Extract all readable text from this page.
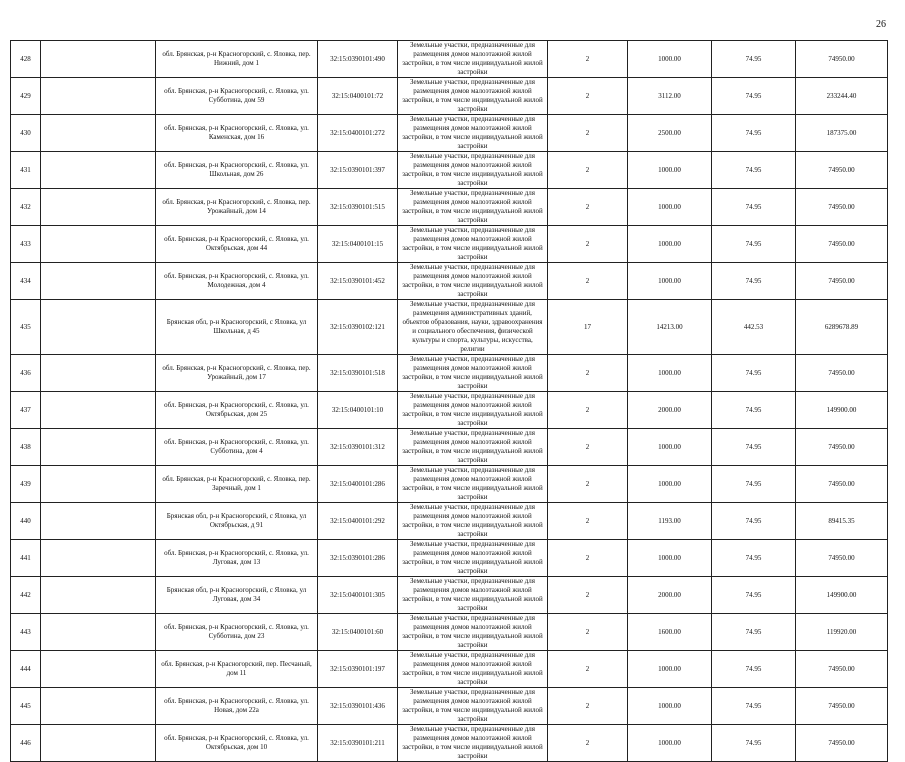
26
428		обл. Брянская, р-н Красногорский, с. Яловка, пер. Нижний, дом 1	32:15:0390101:490	Земельные участки, предназначенные для размещения домов малоэтажной жилой застройки, в том числе индивидуальной жилой застройки	2	1000.00	74.95	74950.00
429		обл. Брянская, р-н Красногорский, с. Яловка, ул. Субботина, дом 59	32:15:0400101:72	Земельные участки, предназначенные для размещения домов малоэтажной жилой застройки, в том числе индивидуальной жилой застройки	2	3112.00	74.95	233244.40
430		обл. Брянская, р-н Красногорский, с. Яловка, ул. Каменская, дом 16	32:15:0400101:272	Земельные участки, предназначенные для размещения домов малоэтажной жилой застройки, в том числе индивидуальной жилой застройки	2	2500.00	74.95	187375.00
431		обл. Брянская, р-н Красногорский, с. Яловка, ул. Школьная, дом 26	32:15:0390101:397	Земельные участки, предназначенные для размещения домов малоэтажной жилой застройки, в том числе индивидуальной жилой застройки	2	1000.00	74.95	74950.00
432		обл. Брянская, р-н Красногорский, с. Яловка, пер. Урожайный, дом 14	32:15:0390101:515	Земельные участки, предназначенные для размещения домов малоэтажной жилой застройки, в том числе индивидуальной жилой застройки	2	1000.00	74.95	74950.00
433		обл. Брянская, р-н Красногорский, с. Яловка, ул. Октябрьская, дом 44	32:15:0400101:15	Земельные участки, предназначенные для размещения домов малоэтажной жилой застройки, в том числе индивидуальной жилой застройки	2	1000.00	74.95	74950.00
434		обл. Брянская, р-н Красногорский, с. Яловка, ул. Молодежная, дом 4	32:15:0390101:452	Земельные участки, предназначенные для размещения домов малоэтажной жилой застройки, в том числе индивидуальной жилой застройки	2	1000.00	74.95	74950.00
435		Брянская обл, р-н Красногорский, с Яловка, ул Школьная, д 45	32:15:0390102:121	Земельные участки, предназначенные для размещения административных зданий, объектов образования, науки, здравоохранения и социального обеспечения, физической культуры и спорта, культуры, искусства, религии	17	14213.00	442.53	6289678.89
436		обл. Брянская, р-н Красногорский, с. Яловка, пер. Урожайный, дом 17	32:15:0390101:518	Земельные участки, предназначенные для размещения домов малоэтажной жилой застройки, в том числе индивидуальной жилой застройки	2	1000.00	74.95	74950.00
437		обл. Брянская, р-н Красногорский, с. Яловка, ул. Октябрьская, дом 25	32:15:0400101:10	Земельные участки, предназначенные для размещения домов малоэтажной жилой застройки, в том числе индивидуальной жилой застройки	2	2000.00	74.95	149900.00
438		обл. Брянская, р-н Красногорский, с. Яловка, ул. Субботина, дом 4	32:15:0390101:312	Земельные участки, предназначенные для размещения домов малоэтажной жилой застройки, в том числе индивидуальной жилой застройки	2	1000.00	74.95	74950.00
439		обл. Брянская, р-н Красногорский, с. Яловка, пер. Заречный, дом 1	32:15:0400101:286	Земельные участки, предназначенные для размещения домов малоэтажной жилой застройки, в том числе индивидуальной жилой застройки	2	1000.00	74.95	74950.00
440		Брянская обл, р-н Красногорский, с Яловка, ул Октябрьская, д 91	32:15:0400101:292	Земельные участки, предназначенные для размещения домов малоэтажной жилой застройки, в том числе индивидуальной жилой застройки	2	1193.00	74.95	89415.35
441		обл. Брянская, р-н Красногорский, с. Яловка, ул. Луговая, дом 13	32:15:0390101:286	Земельные участки, предназначенные для размещения домов малоэтажной жилой застройки, в том числе индивидуальной жилой застройки	2	1000.00	74.95	74950.00
442		Брянская обл, р-н Красногорский, с Яловка, ул Луговая, дом 34	32:15:0400101:305	Земельные участки, предназначенные для размещения домов малоэтажной жилой застройки, в том числе индивидуальной жилой застройки	2	2000.00	74.95	149900.00
443		обл. Брянская, р-н Красногорский, с. Яловка, ул. Субботина, дом 23	32:15:0400101:60	Земельные участки, предназначенные для размещения домов малоэтажной жилой застройки, в том числе индивидуальной жилой застройки	2	1600.00	74.95	119920.00
444		обл. Брянская, р-н Красногорский, пер. Песчаный, дом 11	32:15:0390101:197	Земельные участки, предназначенные для размещения домов малоэтажной жилой застройки, в том числе индивидуальной жилой застройки	2	1000.00	74.95	74950.00
445		обл. Брянская, р-н Красногорский, с. Яловка, ул. Новая, дом 22а	32:15:0390101:436	Земельные участки, предназначенные для размещения домов малоэтажной жилой застройки, в том числе индивидуальной жилой застройки	2	1000.00	74.95	74950.00
446		обл. Брянская, р-н Красногорский, с. Яловка, ул. Октябрьская, дом 10	32:15:0390101:211	Земельные участки, предназначенные для размещения домов малоэтажной жилой застройки, в том числе индивидуальной жилой застройки	2	1000.00	74.95	74950.00
